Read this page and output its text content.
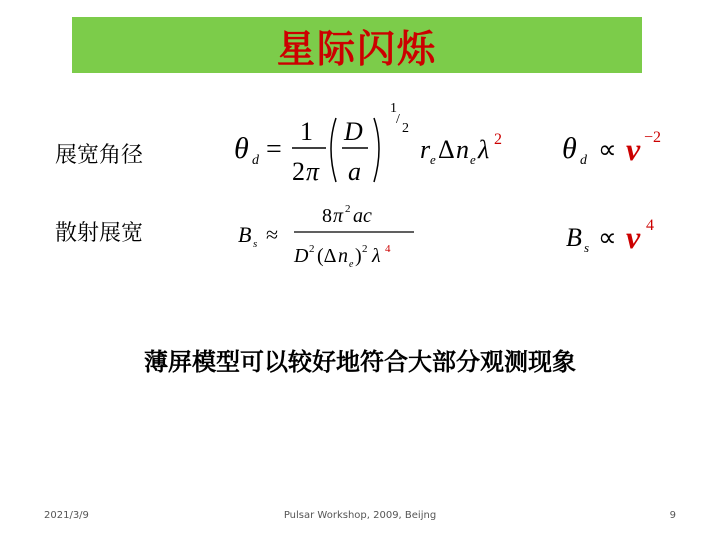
星际闪烁
展宽角径
散射展宽
θ d =
1
2 π
D
a
1
/
2
r e Δ n e λ 2 θ d ∝ ν −2
B s ≈
8 π 2 ac
D 2 (Δ n e ) 2 λ 4	B s ∝ ν 4
薄屏模型可以较好地符合大部分观测现象
2021/3/9	Pulsar Workshop, 2009, Beijng	9
